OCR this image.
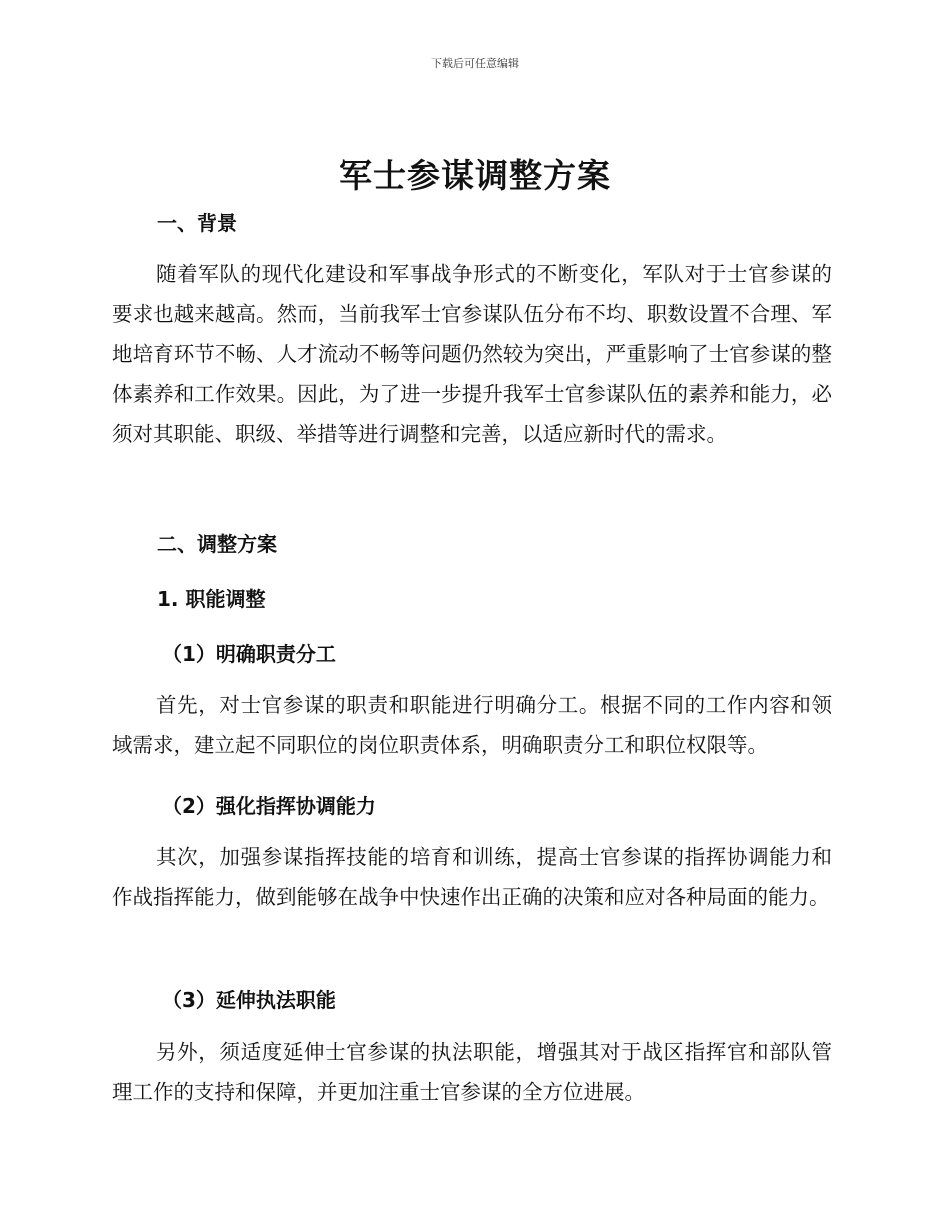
下载后可任意编辑
军士参谋调整方案
一、背景

随着军队的现代化建设和军事战争形式的不断变化，军队对于士官参谋的要求也越来越高。然而，当前我军士官参谋队伍分布不均、职数设置不合理、军地培育环节不畅、人才流动不畅等问题仍然较为突出，严重影响了士官参谋的整体素养和工作效果。因此，为了进一步提升我军士官参谋队伍的素养和能力，必须对其职能、职级、举措等进行调整和完善，以适应新时代的需求。

二、调整方案
1. 职能调整
（1）明确职责分工

首先，对士官参谋的职责和职能进行明确分工。根据不同的工作内容和领域需求，建立起不同职位的岗位职责体系，明确职责分工和职位权限等。

（2）强化指挥协调能力

其次，加强参谋指挥技能的培育和训练，提高士官参谋的指挥协调能力和作战指挥能力，做到能够在战争中快速作出正确的决策和应对各种局面的能力。

（3）延伸执法职能

另外，须适度延伸士官参谋的执法职能，增强其对于战区指挥官和部队管理工作的支持和保障，并更加注重士官参谋的全方位进展。
